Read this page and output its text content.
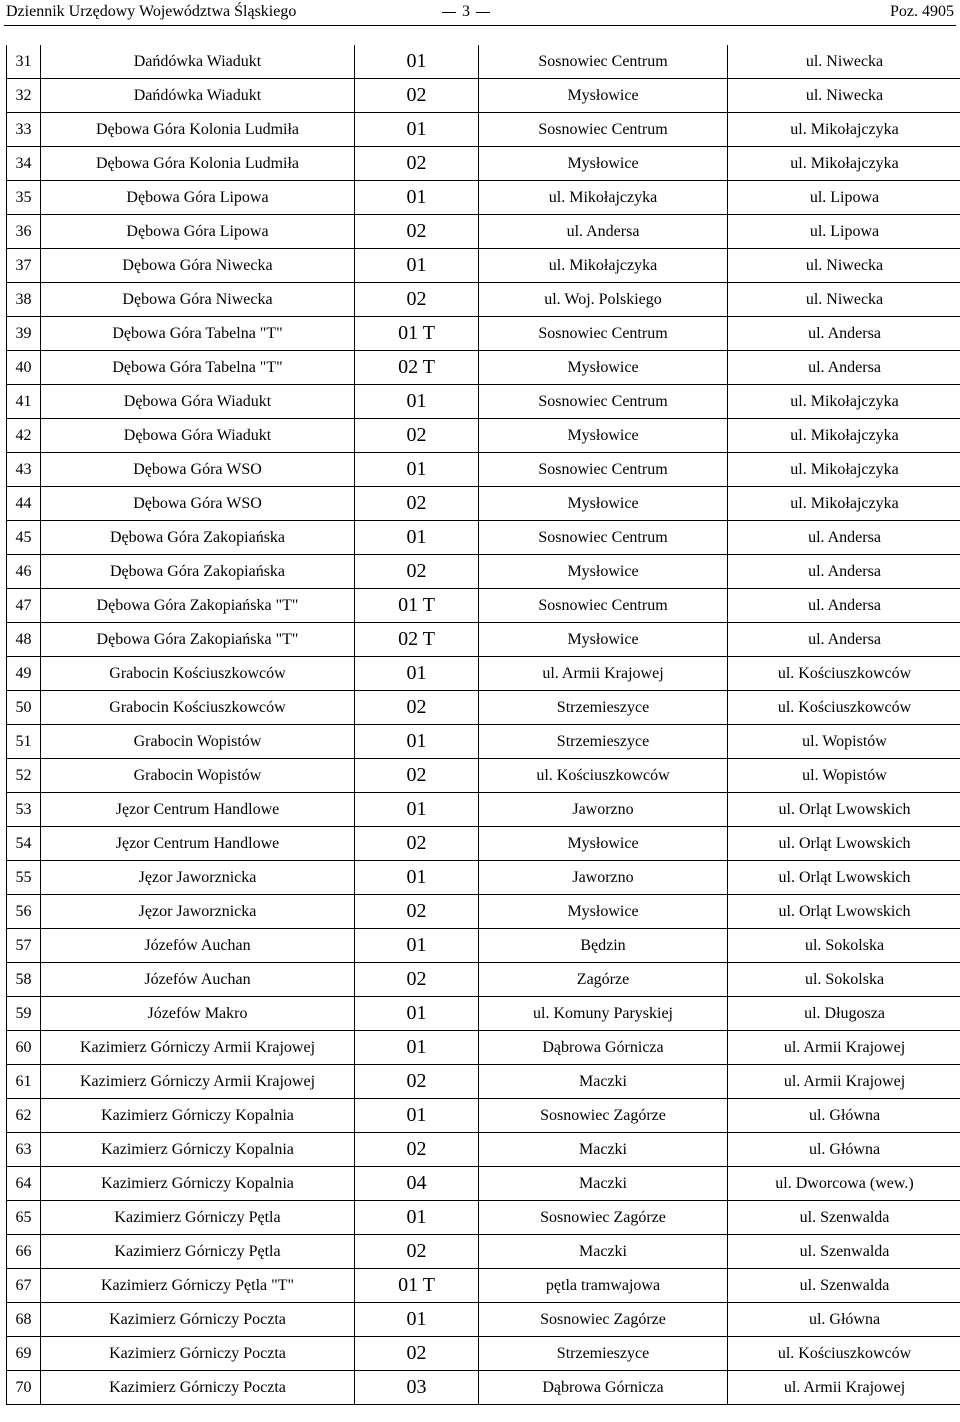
Dziennik Urzędowy Województwa Śląskiego	3	Poz. 4905
31	Dańdówka Wiadukt	01	Sosnowiec Centrum	ul. Niwecka
32	Dańdówka Wiadukt	02	Mysłowice	ul. Niwecka
33	Dębowa Góra Kolonia Ludmiła	01	Sosnowiec Centrum	ul. Mikołajczyka
34	Dębowa Góra Kolonia Ludmiła	02	Mysłowice	ul. Mikołajczyka
35	Dębowa Góra Lipowa	01	ul. Mikołajczyka	ul. Lipowa
36	Dębowa Góra Lipowa	02	ul. Andersa	ul. Lipowa
37	Dębowa Góra Niwecka	01	ul. Mikołajczyka	ul. Niwecka
38	Dębowa Góra Niwecka	02	ul. Woj. Polskiego	ul. Niwecka
39	Dębowa Góra Tabelna "T"	01 T	Sosnowiec Centrum	ul. Andersa
40	Dębowa Góra Tabelna "T"	02 T	Mysłowice	ul. Andersa
41	Dębowa Góra Wiadukt	01	Sosnowiec Centrum	ul. Mikołajczyka
42	Dębowa Góra Wiadukt	02	Mysłowice	ul. Mikołajczyka
43	Dębowa Góra WSO	01	Sosnowiec Centrum	ul. Mikołajczyka
44	Dębowa Góra WSO	02	Mysłowice	ul. Mikołajczyka
45	Dębowa Góra Zakopiańska	01	Sosnowiec Centrum	ul. Andersa
46	Dębowa Góra Zakopiańska	02	Mysłowice	ul. Andersa
47	Dębowa Góra Zakopiańska "T"	01 T	Sosnowiec Centrum	ul. Andersa
48	Dębowa Góra Zakopiańska "T"	02 T	Mysłowice	ul. Andersa
49	Grabocin Kościuszkowców	01	ul. Armii Krajowej	ul. Kościuszkowców
50	Grabocin Kościuszkowców	02	Strzemieszyce	ul. Kościuszkowców
51	Grabocin Wopistów	01	Strzemieszyce	ul. Wopistów
52	Grabocin Wopistów	02	ul. Kościuszkowców	ul. Wopistów
53	Jęzor Centrum Handlowe	01	Jaworzno	ul. Orląt Lwowskich
54	Jęzor Centrum Handlowe	02	Mysłowice	ul. Orląt Lwowskich
55	Jęzor Jaworznicka	01	Jaworzno	ul. Orląt Lwowskich
56	Jęzor Jaworznicka	02	Mysłowice	ul. Orląt Lwowskich
57	Józefów Auchan	01	Będzin	ul. Sokolska
58	Józefów Auchan	02	Zagórze	ul. Sokolska
59	Józefów Makro	01	ul. Komuny Paryskiej	ul. Długosza
60	Kazimierz Górniczy Armii Krajowej	01	Dąbrowa Górnicza	ul. Armii Krajowej
61	Kazimierz Górniczy Armii Krajowej	02	Maczki	ul. Armii Krajowej
62	Kazimierz Górniczy Kopalnia	01	Sosnowiec Zagórze	ul. Główna
63	Kazimierz Górniczy Kopalnia	02	Maczki	ul. Główna
64	Kazimierz Górniczy Kopalnia	04	Maczki	ul. Dworcowa (wew.)
65	Kazimierz Górniczy Pętla	01	Sosnowiec Zagórze	ul. Szenwalda
66	Kazimierz Górniczy Pętla	02	Maczki	ul. Szenwalda
67	Kazimierz Górniczy Pętla "T"	01 T	pętla tramwajowa	ul. Szenwalda
68	Kazimierz Górniczy Poczta	01	Sosnowiec Zagórze	ul. Główna
69	Kazimierz Górniczy Poczta	02	Strzemieszyce	ul. Kościuszkowców
70	Kazimierz Górniczy Poczta	03	Dąbrowa Górnicza	ul. Armii Krajowej
